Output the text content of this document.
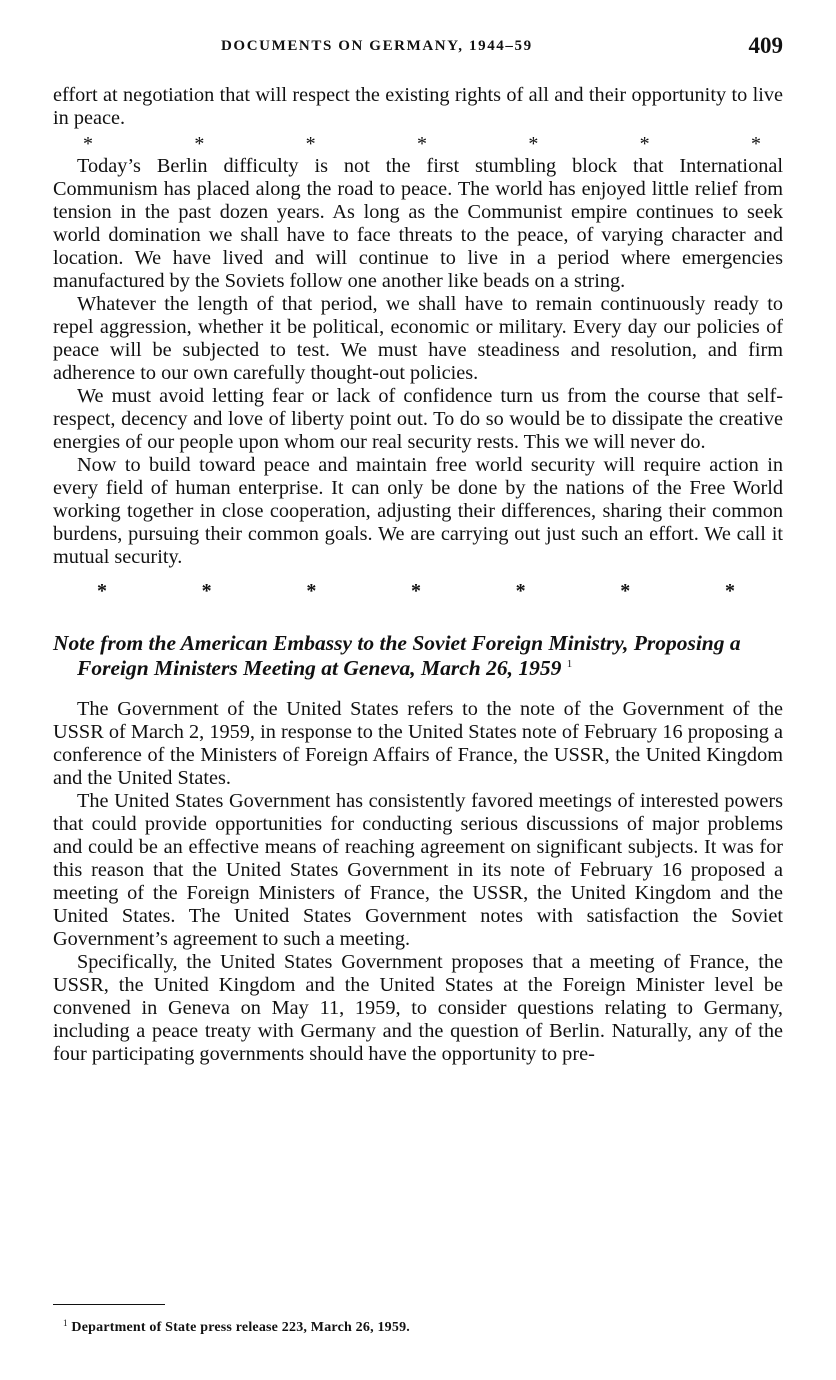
DOCUMENTS ON GERMANY, 1944–59	409

effort at negotiation that will respect the existing rights of all and their opportunity to live in peace.

*	*	*	*	*	*	*

Today’s Berlin difficulty is not the first stumbling block that International Communism has placed along the road to peace. The world has enjoyed little relief from tension in the past dozen years. As long as the Communist empire continues to seek world domination we shall have to face threats to the peace, of varying character and location. We have lived and will continue to live in a period where emergencies manufactured by the Soviets follow one another like beads on a string.

Whatever the length of that period, we shall have to remain continuously ready to repel aggression, whether it be political, economic or military. Every day our policies of peace will be subjected to test. We must have steadiness and resolution, and firm adherence to our own carefully thought-out policies.

We must avoid letting fear or lack of confidence turn us from the course that self-respect, decency and love of liberty point out. To do so would be to dissipate the creative energies of our people upon whom our real security rests. This we will never do.

Now to build toward peace and maintain free world security will require action in every field of human enterprise. It can only be done by the nations of the Free World working together in close cooperation, adjusting their differences, sharing their common burdens, pursuing their common goals. We are carrying out just such an effort. We call it mutual security.

*	*	*	*	*	*	*
Note from the American Embassy to the Soviet Foreign Ministry, Proposing a Foreign Ministers Meeting at Geneva, March 26, 1959 $^1$

The Government of the United States refers to the note of the Government of the USSR of March 2, 1959, in response to the United States note of February 16 proposing a conference of the Ministers of Foreign Affairs of France, the USSR, the United Kingdom and the United States.

The United States Government has consistently favored meetings of interested powers that could provide opportunities for conducting serious discussions of major problems and could be an effective means of reaching agreement on significant subjects. It was for this reason that the United States Government in its note of February 16 proposed a meeting of the Foreign Ministers of France, the USSR, the United Kingdom and the United States. The United States Government notes with satisfaction the Soviet Government’s agreement to such a meeting.

Specifically, the United States Government proposes that a meeting of France, the USSR, the United Kingdom and the United States at the Foreign Minister level be convened in Geneva on May 11, 1959, to consider questions relating to Germany, including a peace treaty with Germany and the question of Berlin. Naturally, any of the four participating governments should have the opportunity to pre-

$^1$ Department of State press release 223, March 26, 1959.
